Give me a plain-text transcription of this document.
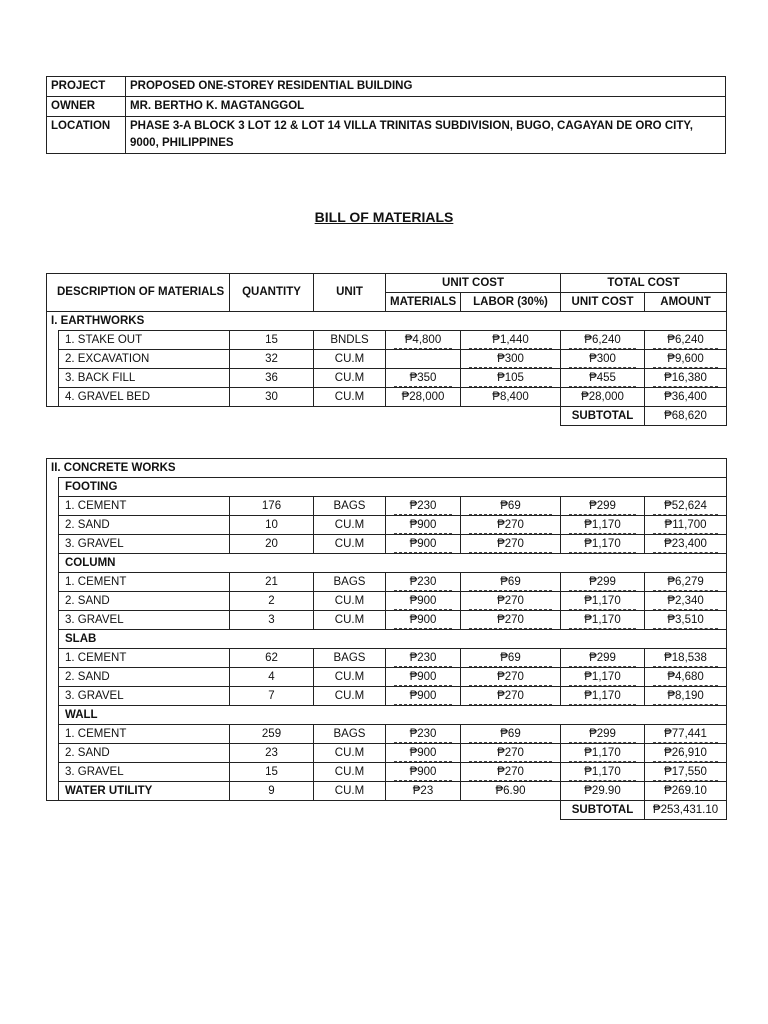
PROJECT	PROPOSED ONE-STOREY RESIDENTIAL BUILDING
OWNER	MR. BERTHO K. MAGTANGGOL
LOCATION	PHASE 3-A BLOCK 3 LOT 12 & LOT 14 VILLA TRINITAS SUBDIVISION, BUGO, CAGAYAN DE ORO CITY, 9000, PHILIPPINES
BILL OF MATERIALS
DESCRIPTION OF MATERIALS		QUANTITY	UNIT	UNIT COST		TOTAL COST	
				MATERIALS	LABOR (30%)	UNIT COST	AMOUNT
I. EARTHWORKS							
	1. STAKE OUT	15	BNDLS	₱4,800	₱1,440	₱6,240	₱6,240
	2. EXCAVATION	32	CU.M		₱300	₱300	₱9,600
	3. BACK FILL	36	CU.M	₱350	₱105	₱455	₱16,380
	4. GRAVEL BED	30	CU.M	₱28,000	₱8,400	₱28,000	₱36,400
						SUBTOTAL	₱68,620
II. CONCRETE WORKS							
	FOOTING						
	1. CEMENT	176	BAGS	₱230	₱69	₱299	₱52,624
	2. SAND	10	CU.M	₱900	₱270	₱1,170	₱11,700
	3. GRAVEL	20	CU.M	₱900	₱270	₱1,170	₱23,400
	COLUMN						
	1. CEMENT	21	BAGS	₱230	₱69	₱299	₱6,279
	2. SAND	2	CU.M	₱900	₱270	₱1,170	₱2,340
	3. GRAVEL	3	CU.M	₱900	₱270	₱1,170	₱3,510
	SLAB						
	1. CEMENT	62	BAGS	₱230	₱69	₱299	₱18,538
	2. SAND	4	CU.M	₱900	₱270	₱1,170	₱4,680
	3. GRAVEL	7	CU.M	₱900	₱270	₱1,170	₱8,190
	WALL						
	1. CEMENT	259	BAGS	₱230	₱69	₱299	₱77,441
	2. SAND	23	CU.M	₱900	₱270	₱1,170	₱26,910
	3. GRAVEL	15	CU.M	₱900	₱270	₱1,170	₱17,550
	WATER UTILITY	9	CU.M	₱23	₱6.90	₱29.90	₱269.10
						SUBTOTAL	₱253,431.10
